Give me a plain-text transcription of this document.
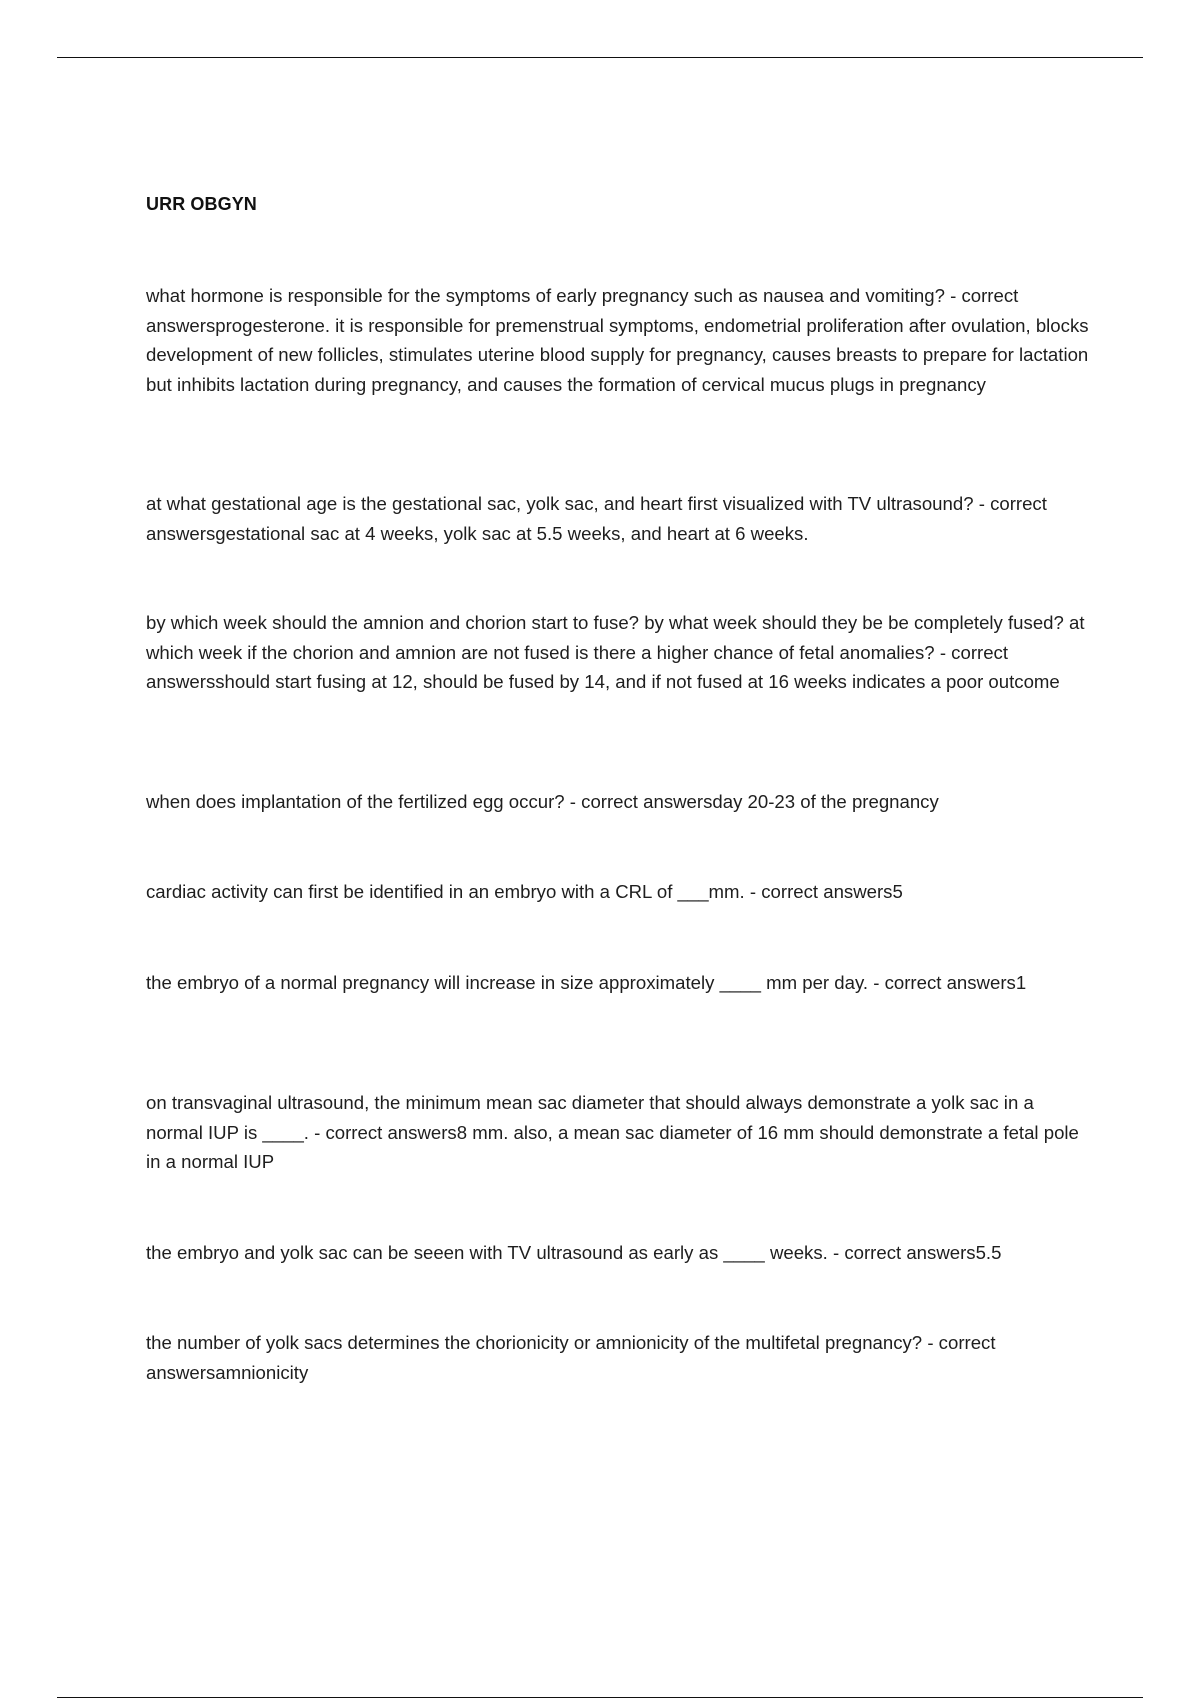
URR OBGYN

what hormone is responsible for the symptoms of early pregnancy such as nausea and vomiting? - correct answersprogesterone. it is responsible for premenstrual symptoms, endometrial proliferation after ovulation, blocks development of new follicles, stimulates uterine blood supply for pregnancy, causes breasts to prepare for lactation but inhibits lactation during pregnancy, and causes the formation of cervical mucus plugs in pregnancy

at what gestational age is the gestational sac, yolk sac, and heart first visualized with TV ultrasound? - correct answersgestational sac at 4 weeks, yolk sac at 5.5 weeks, and heart at 6 weeks.

by which week should the amnion and chorion start to fuse? by what week should they be be completely fused? at which week if the chorion and amnion are not fused is there a higher chance of fetal anomalies? - correct answersshould start fusing at 12, should be fused by 14, and if not fused at 16 weeks indicates a poor outcome

when does implantation of the fertilized egg occur? - correct answersday 20-23 of the pregnancy

cardiac activity can first be identified in an embryo with a CRL of ___mm. - correct answers5

the embryo of a normal pregnancy will increase in size approximately ____ mm per day. - correct answers1

on transvaginal ultrasound, the minimum mean sac diameter that should always demonstrate a yolk sac in a normal IUP is ____. - correct answers8 mm. also, a mean sac diameter of 16 mm should demonstrate a fetal pole in a normal IUP

the embryo and yolk sac can be seeen with TV ultrasound as early as ____ weeks. - correct answers5.5

the number of yolk sacs determines the chorionicity or amnionicity of the multifetal pregnancy? - correct answersamnionicity
